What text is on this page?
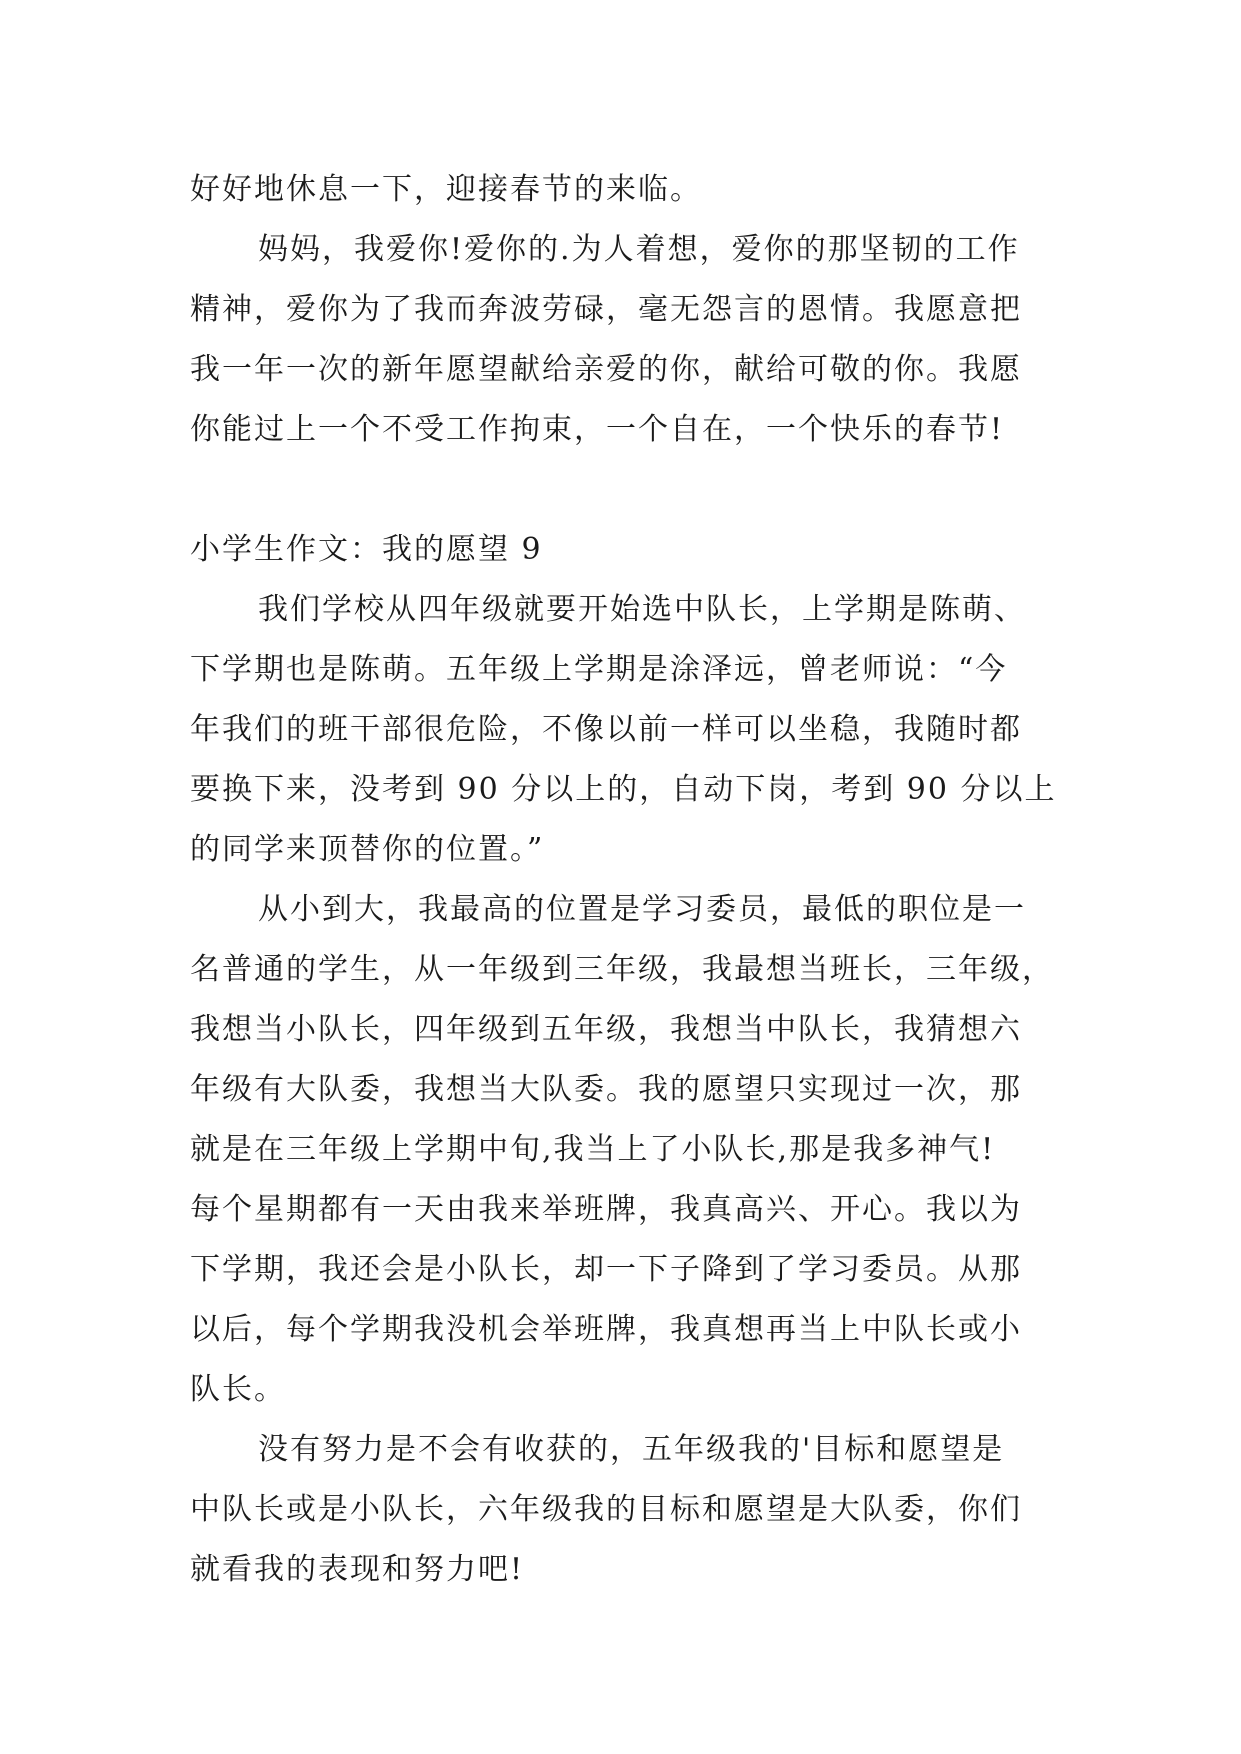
好好地休息一下，迎接春节的来临。
妈妈，我爱你!爱你的.为人着想，爱你的那坚韧的工作
精神，爱你为了我而奔波劳碌，毫无怨言的恩情。我愿意把
我一年一次的新年愿望献给亲爱的你，献给可敬的你。我愿
你能过上一个不受工作拘束，一个自在，一个快乐的春节!
小学生作文：我的愿望 9
我们学校从四年级就要开始选中队长，上学期是陈萌、
下学期也是陈萌。五年级上学期是涂泽远，曾老师说：“今
年我们的班干部很危险，不像以前一样可以坐稳，我随时都
要换下来，没考到 90 分以上的，自动下岗，考到 90 分以上
的同学来顶替你的位置。”
从小到大，我最高的位置是学习委员，最低的职位是一
名普通的学生，从一年级到三年级，我最想当班长，三年级，
我想当小队长，四年级到五年级，我想当中队长，我猜想六
年级有大队委，我想当大队委。我的愿望只实现过一次，那
就是在三年级上学期中旬,我当上了小队长,那是我多神气!
每个星期都有一天由我来举班牌，我真高兴、开心。我以为
下学期，我还会是小队长，却一下子降到了学习委员。从那
以后，每个学期我没机会举班牌，我真想再当上中队长或小
队长。
没有努力是不会有收获的，五年级我的'目标和愿望是
中队长或是小队长，六年级我的目标和愿望是大队委，你们
就看我的表现和努力吧!
